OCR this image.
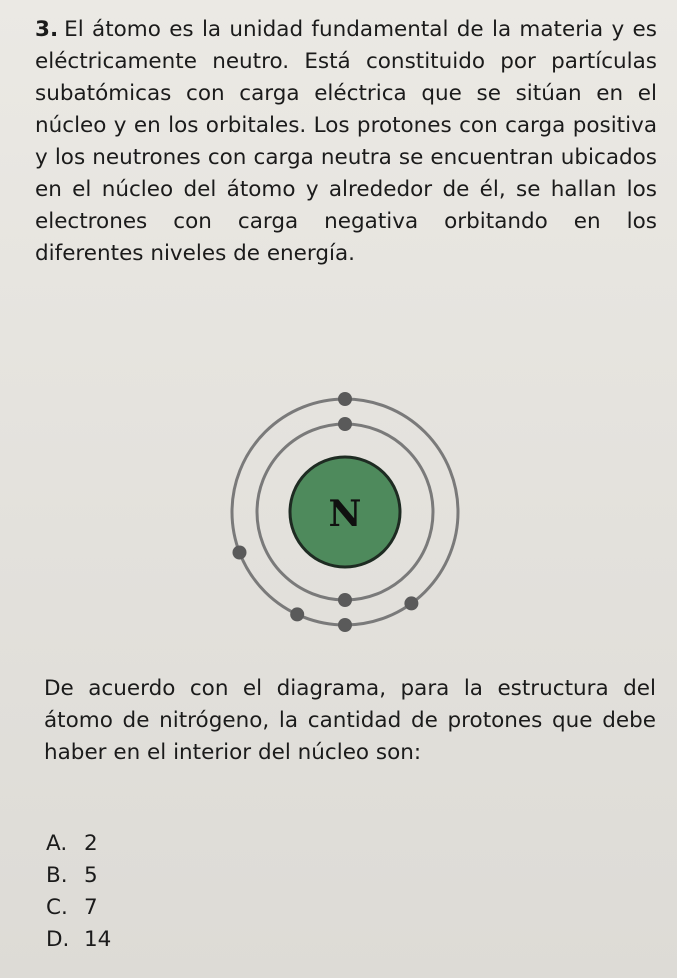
3. El átomo es la unidad fundamental de la materia y es eléctricamente neutro. Está constituido por partículas subatómicas con carga eléctrica que se sitúan en el núcleo y en los orbitales. Los protones con carga positiva y los neutrones con carga neutra se encuentran ubicados en el núcleo del átomo y alrededor de él, se hallan los electrones con carga negativa orbitando en los diferentes niveles de energía.
N
De acuerdo con el diagrama, para la estructura del átomo de nitrógeno, la cantidad de protones que debe haber en el interior del núcleo son:
A. 2
B. 5
C. 7
D. 14
